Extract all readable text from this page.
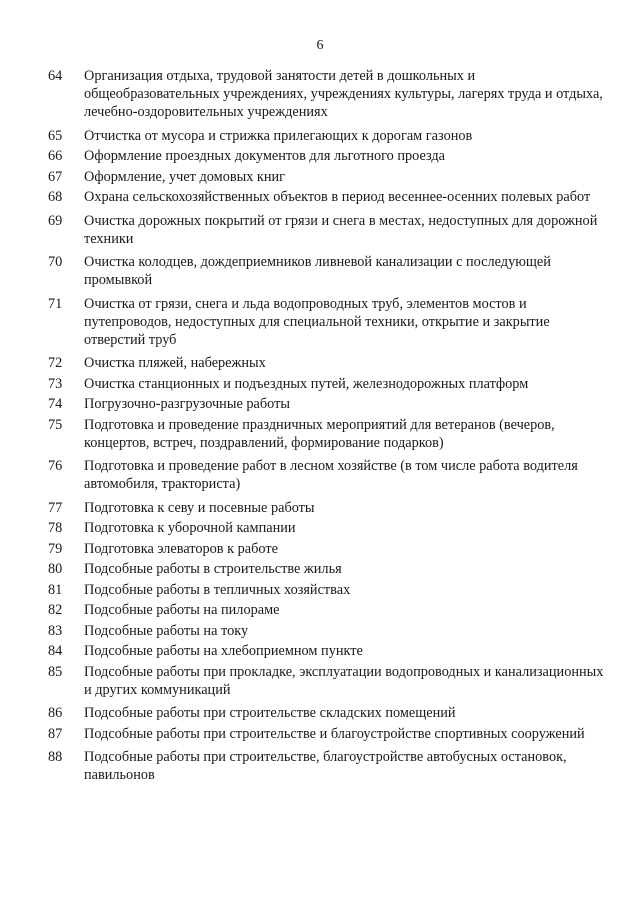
6
64	Организация отдыха, трудовой занятости детей в дошкольных и общеобразовательных учреждениях, учреждениях культуры, лагерях труда и отдыха, лечебно-оздоровительных учреждениях
65	Отчистка от мусора и стрижка прилегающих к дорогам газонов
66	Оформление проездных документов для льготного проезда
67	Оформление, учет домовых книг
68	Охрана сельскохозяйственных объектов в период весеннее-осенних полевых работ
69	Очистка дорожных покрытий от грязи и снега в местах, недоступных для дорожной техники
70	Очистка колодцев, дождеприемников ливневой канализации с последующей промывкой
71	Очистка от грязи, снега и льда водопроводных труб, элементов мостов и путепроводов, недоступных для специальной техники, открытие и закрытие отверстий труб
72	Очистка пляжей, набережных
73	Очистка станционных и подъездных путей, железнодорожных платформ
74	Погрузочно-разгрузочные работы
75	Подготовка и проведение праздничных мероприятий для ветеранов (вечеров, концертов, встреч, поздравлений, формирование подарков)
76	Подготовка и проведение работ в лесном хозяйстве (в том числе работа водителя автомобиля, тракториста)
77	Подготовка к севу и посевные работы
78	Подготовка к уборочной кампании
79	Подготовка элеваторов к работе
80	Подсобные работы в строительстве жилья
81	Подсобные работы в тепличных хозяйствах
82	Подсобные работы на пилораме
83	Подсобные работы на току
84	Подсобные работы на хлебоприемном пункте
85	Подсобные работы при прокладке, эксплуатации водопроводных и канализационных и других коммуникаций
86	Подсобные работы при строительстве складских помещений
87	Подсобные работы при строительстве и благоустройстве спортивных сооружений
88	Подсобные работы при строительстве, благоустройстве автобусных остановок, павильонов
